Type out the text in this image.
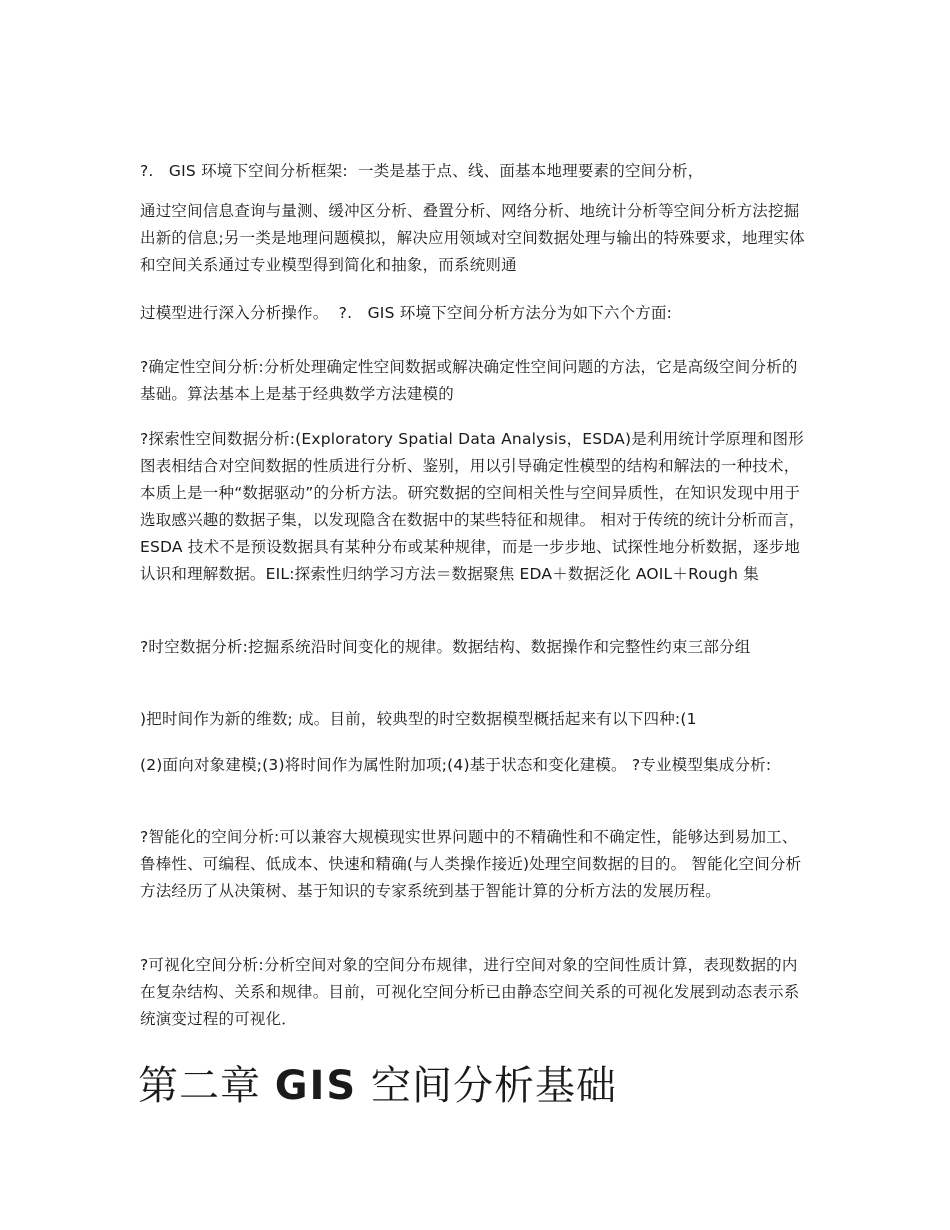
?.   GIS 环境下空间分析框架:  一类是基于点、线、面基本地理要素的空间分析，

通过空间信息查询与量测、缓冲区分析、叠置分析、网络分析、地统计分析等空间分析方法挖掘出新的信息;另一类是地理问题模拟，解决应用领域对空间数据处理与输出的特殊要求，地理实体和空间关系通过专业模型得到简化和抽象，而系统则通

过模型进行深入分析操作。  ?.   GIS 环境下空间分析方法分为如下六个方面:

?确定性空间分析:分析处理确定性空间数据或解决确定性空间问题的方法，它是高级空间分析的基础。算法基本上是基于经典数学方法建模的

?探索性空间数据分析:(Exploratory Spatial Data Analysis，ESDA)是利用统计学原理和图形图表相结合对空间数据的性质进行分析、鉴别，用以引导确定性模型的结构和解法的一种技术，本质上是一种“数据驱动”的分析方法。研究数据的空间相关性与空间异质性，在知识发现中用于选取感兴趣的数据子集，以发现隐含在数据中的某些特征和规律。 相对于传统的统计分析而言，ESDA 技术不是预设数据具有某种分布或某种规律，而是一步步地、试探性地分析数据，逐步地认识和理解数据。EIL:探索性归纳学习方法＝数据聚焦 EDA＋数据泛化 AOIL＋Rough 集

?时空数据分析:挖掘系统沿时间变化的规律。数据结构、数据操作和完整性约束三部分组

)把时间作为新的维数; 成。目前，较典型的时空数据模型概括起来有以下四种:(1

(2)面向对象建模;(3)将时间作为属性附加项;(4)基于状态和变化建模。 ?专业模型集成分析:

?智能化的空间分析:可以兼容大规模现实世界问题中的不精确性和不确定性，能够达到易加工、鲁棒性、可编程、低成本、快速和精确(与人类操作接近)处理空间数据的目的。 智能化空间分析方法经历了从决策树、基于知识的专家系统到基于智能计算的分析方法的发展历程。

?可视化空间分析:分析空间对象的空间分布规律，进行空间对象的空间性质计算，表现数据的内在复杂结构、关系和规律。目前，可视化空间分析已由静态空间关系的可视化发展到动态表示系统演变过程的可视化．

第二章 GIS 空间分析基础
